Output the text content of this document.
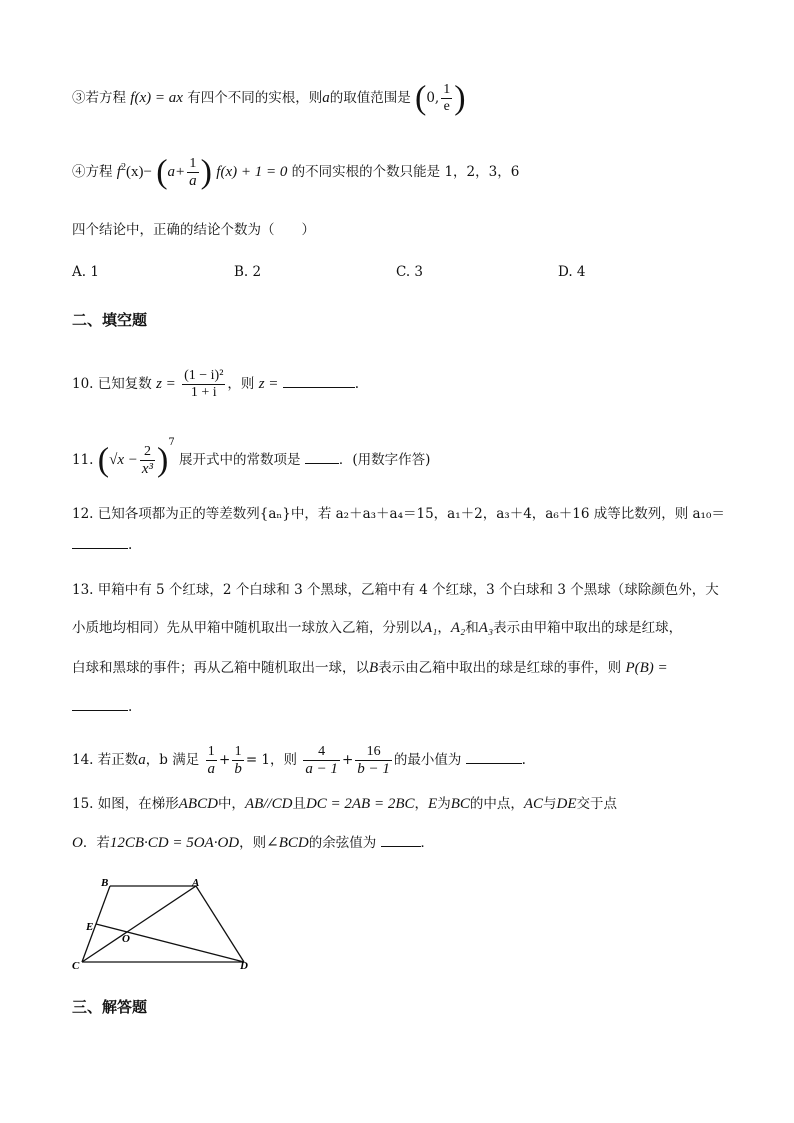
③若方程 f(x) = ax 有四个不同的实根，则a的取值范围是 (0, $\frac{1}{e}$ )
④方程 $f^2(x)- (a+ \frac{1}{a}$ ) f(x) + 1 = 0 的不同实根的个数只能是 1，2，3，6
四个结论中，正确的结论个数为（　　）
A. 1	B. 2	C. 3	D. 4
二、填空题
10. 已知复数 $z = \frac{\text{(1 − i)²}}{1 + i}$ ，则 z =	.
11. $(√x - \frac{2}{\text{x³}} )^7$ 展开式中的常数项是	．(用数字作答)
12. 已知各项都为正的等差数列{aₙ}中，若 a₂＋a₃＋a₄＝15，a₁＋2，a₃＋4，a₆＋16 成等比数列，则 a₁₀＝
.
13. 甲箱中有 5 个红球，2 个白球和 3 个黑球，乙箱中有 4 个红球，3 个白球和 3 个黑球（球除颜色外，大
小质地均相同）先从甲箱中随机取出一球放入乙箱，分别以A₁，A₂和A₃表示由甲箱中取出的球是红球，
白球和黑球的事件；再从乙箱中随机取出一球，以B表示由乙箱中取出的球是红球的事件，则 P(B) =
.
14. 若正数a，b 满足 $\frac{1}{a} + \frac{1}{b} = 1$，则 $\frac{4}{a - 1} + \frac{16}{b - 1}$ 的最小值为	.
15. 如图，在梯形ABCD中，AB//CD且DC = 2AB = 2BC，E为BC的中点，AC与DE交于点
O．若12CB·CD = 5OA·OD，则∠BCD的余弦值为	．
B	A
E
O
C	D
三、解答题
